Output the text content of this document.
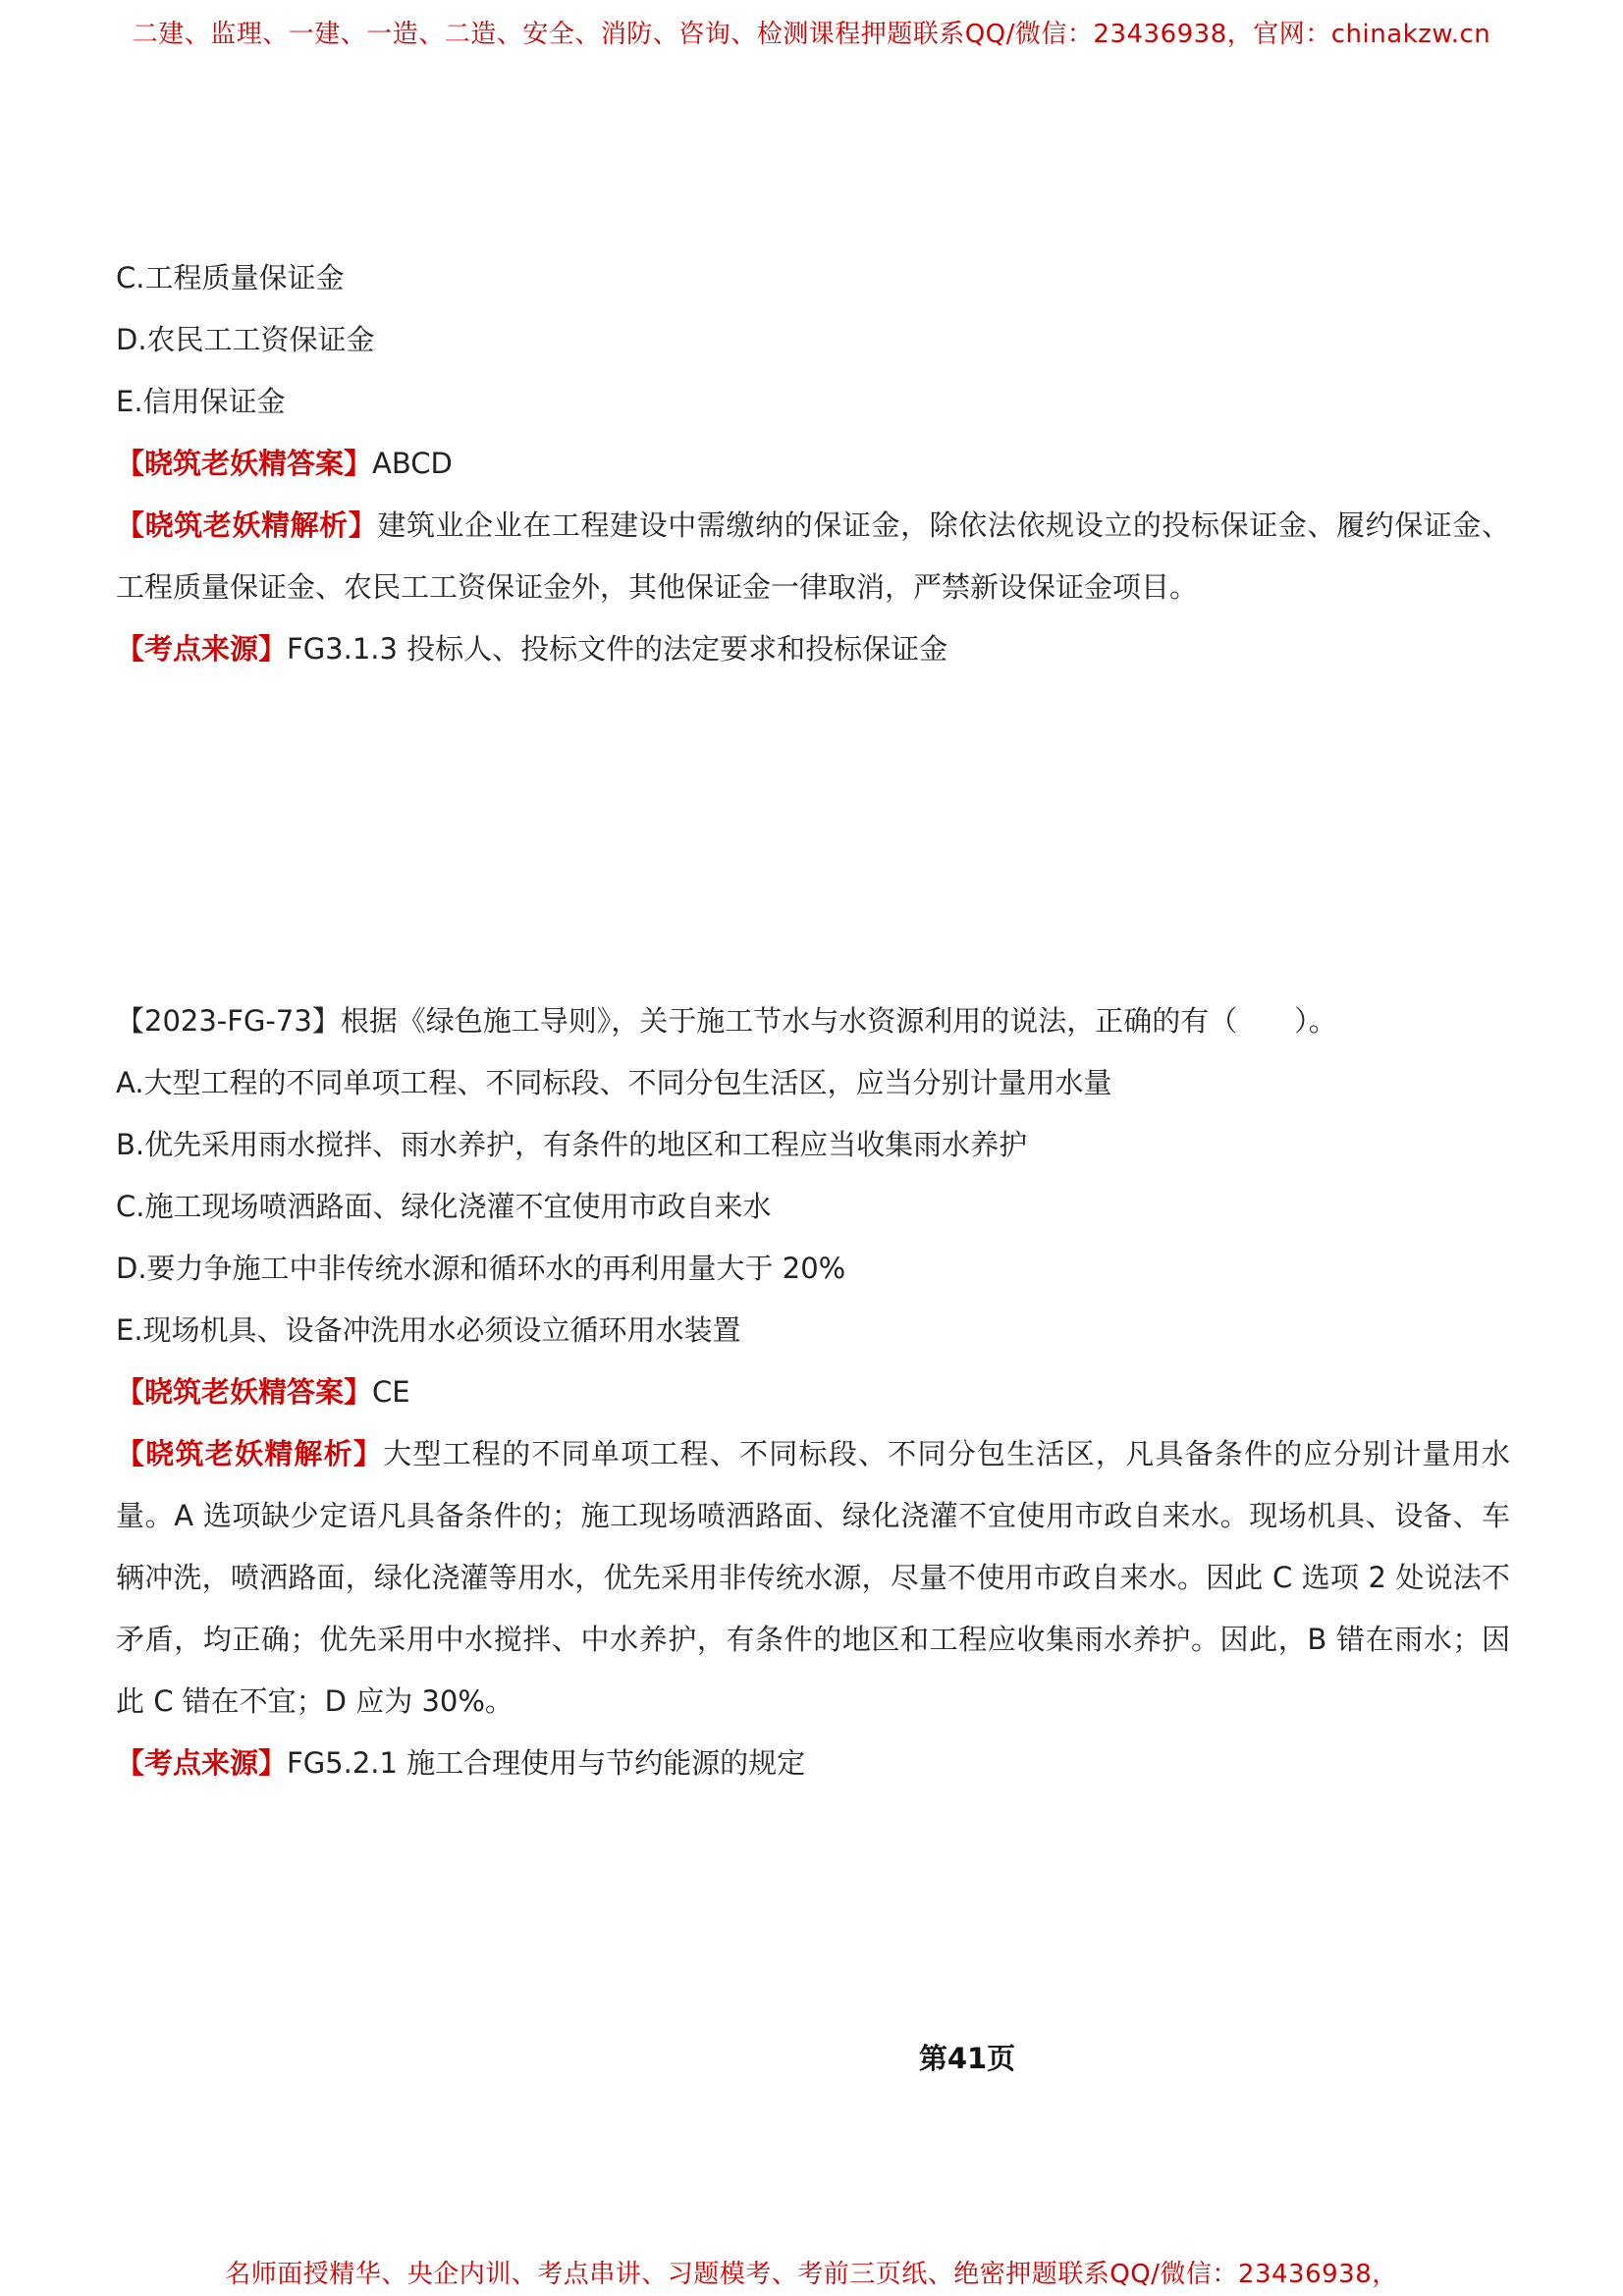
二建、监理、一建、一造、二造、安全、消防、咨询、检测课程押题联系QQ/微信：23436938，官网：chinakzw.cn
C.工程质量保证金
D.农民工工资保证金
E.信用保证金
【晓筑老妖精答案】ABCD
【晓筑老妖精解析】建筑业企业在工程建设中需缴纳的保证金，除依法依规设立的投标保证金、履约保证金、工程质量保证金、农民工工资保证金外，其他保证金一律取消，严禁新设保证金项目。
【考点来源】FG3.1.3 投标人、投标文件的法定要求和投标保证金
【2023-FG-73】根据《绿色施工导则》，关于施工节水与水资源利用的说法，正确的有（　　）。
A.大型工程的不同单项工程、不同标段、不同分包生活区，应当分别计量用水量
B.优先采用雨水搅拌、雨水养护，有条件的地区和工程应当收集雨水养护
C.施工现场喷洒路面、绿化浇灌不宜使用市政自来水
D.要力争施工中非传统水源和循环水的再利用量大于 20%
E.现场机具、设备冲洗用水必须设立循环用水装置
【晓筑老妖精答案】CE
【晓筑老妖精解析】大型工程的不同单项工程、不同标段、不同分包生活区，凡具备条件的应分别计量用水量。A 选项缺少定语凡具备条件的；施工现场喷洒路面、绿化浇灌不宜使用市政自来水。现场机具、设备、车辆冲洗，喷洒路面，绿化浇灌等用水，优先采用非传统水源，尽量不使用市政自来水。因此 C 选项 2 处说法不矛盾，均正确；优先采用中水搅拌、中水养护，有条件的地区和工程应收集雨水养护。因此，B 错在雨水；因此 C 错在不宜；D 应为 30%。
【考点来源】FG5.2.1 施工合理使用与节约能源的规定
第41页
名师面授精华、央企内训、考点串讲、习题模考、考前三页纸、绝密押题联系QQ/微信：23436938，
